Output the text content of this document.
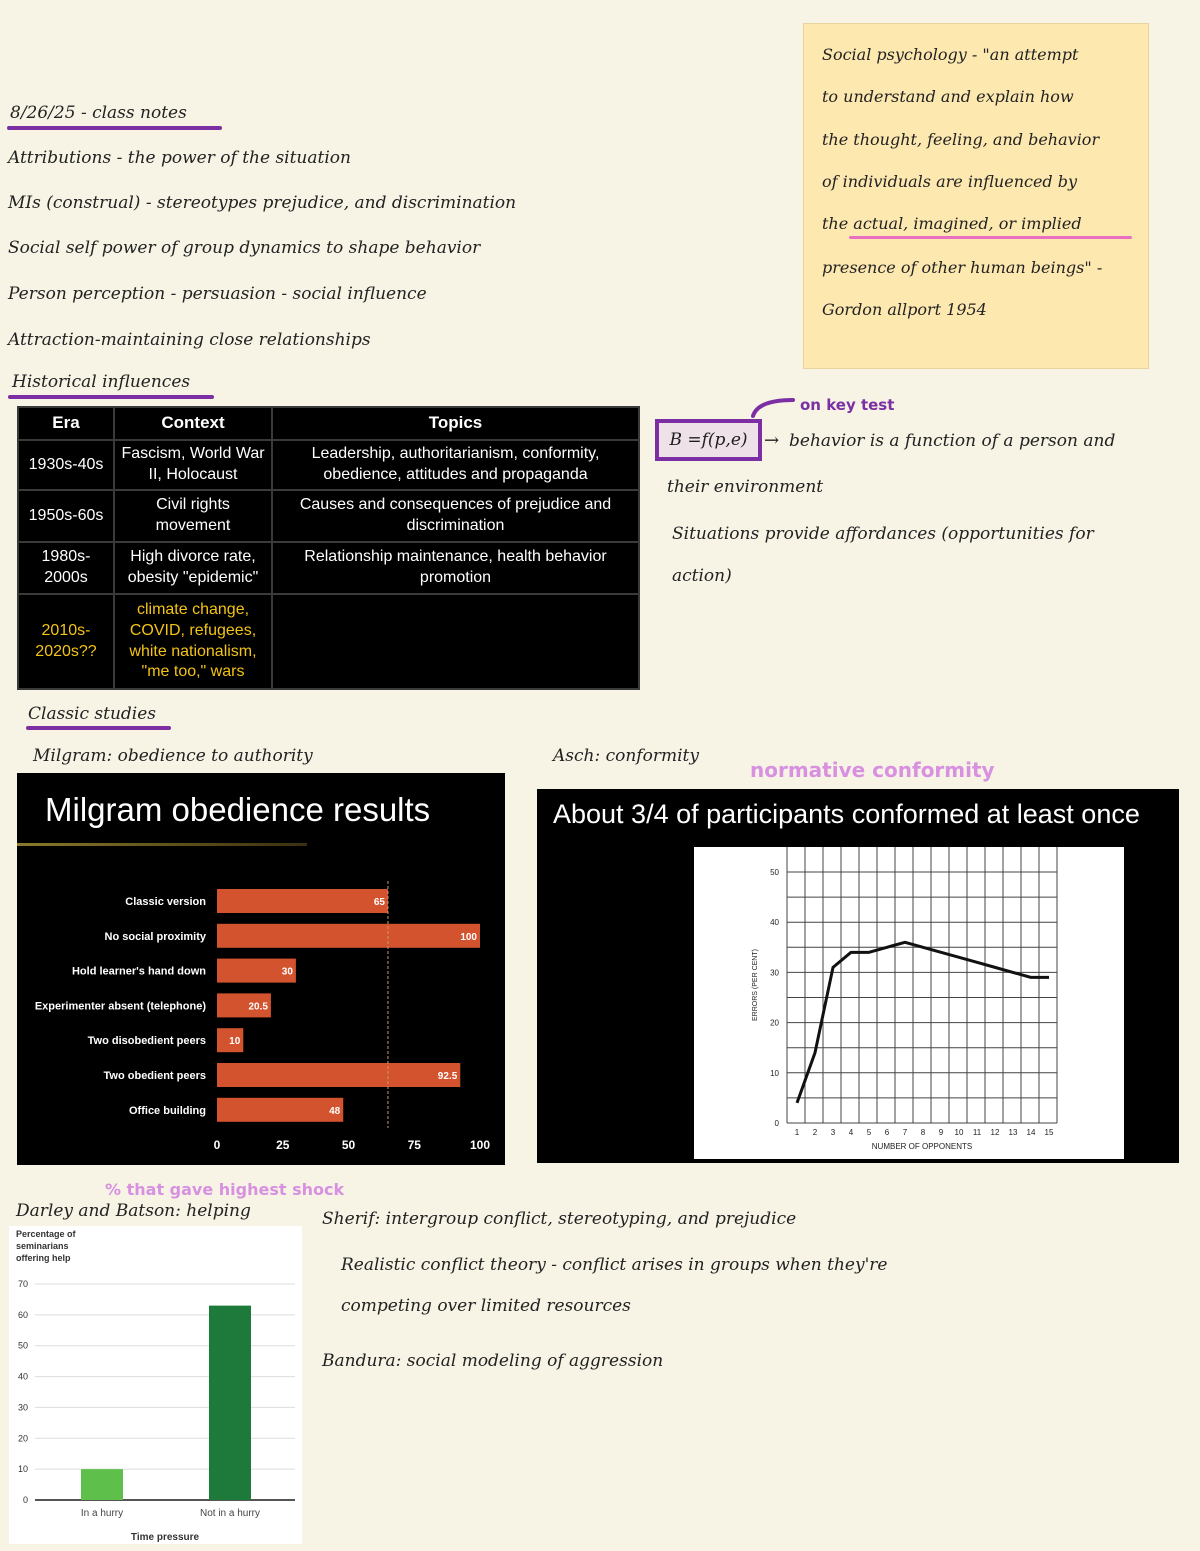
8/26/25 - class notes
Attributions - the power of the situation
MIs (construal) - stereotypes prejudice, and discrimination
Social self power of group dynamics to shape behavior
Person perception - persuasion - social influence
Attraction-maintaining close relationships
Social psychology - "an attempt
to understand and explain how
the thought, feeling, and behavior
of individuals are influenced by
the actual, imagined, or implied
presence of other human beings" -
Gordon allport 1954
Historical influences
Era	Context	Topics
1930s-40s	Fascism, World War II, Holocaust	Leadership, authoritarianism, conformity, obedience, attitudes and propaganda
1950s-60s	Civil rights movement	Causes and consequences of prejudice and discrimination
1980s-2000s	High divorce rate, obesity "epidemic"	Relationship maintenance, health behavior promotion
2010s-2020s??	climate change, COVID, refugees, white nationalism, "me too," wars	
on key test
B =f(p,e) → behavior is a function of a person and
their environment
Situations provide affordances (opportunities for
action)
Classic studies
Milgram: obedience to authority	Asch: conformity
normative conformity
Milgram obedience results
Classic version	65
No social proximity	100
Hold learner's hand down	30
Experimenter absent (telephone)	20.5
Two disobedient peers 10
Two obedient peers	92.5
Office building	48
0	25	50	75	100
About 3/4 of participants conformed at least once
0
10
20
30
40
50
1 2 3 4 5 6 7 8 9 10 11 12 13 14 15
NUMBER OF OPPONENTS
ERRORS (PER CENT)
% that gave highest shock
Darley and Batson: helping
Percentage of
seminarians
offering help
0
10
20
30
40
50
60
70
In a hurry	Not in a hurry
Time pressure
Sherif: intergroup conflict, stereotyping, and prejudice
Realistic conflict theory - conflict arises in groups when they're
competing over limited resources
Bandura: social modeling of aggression
